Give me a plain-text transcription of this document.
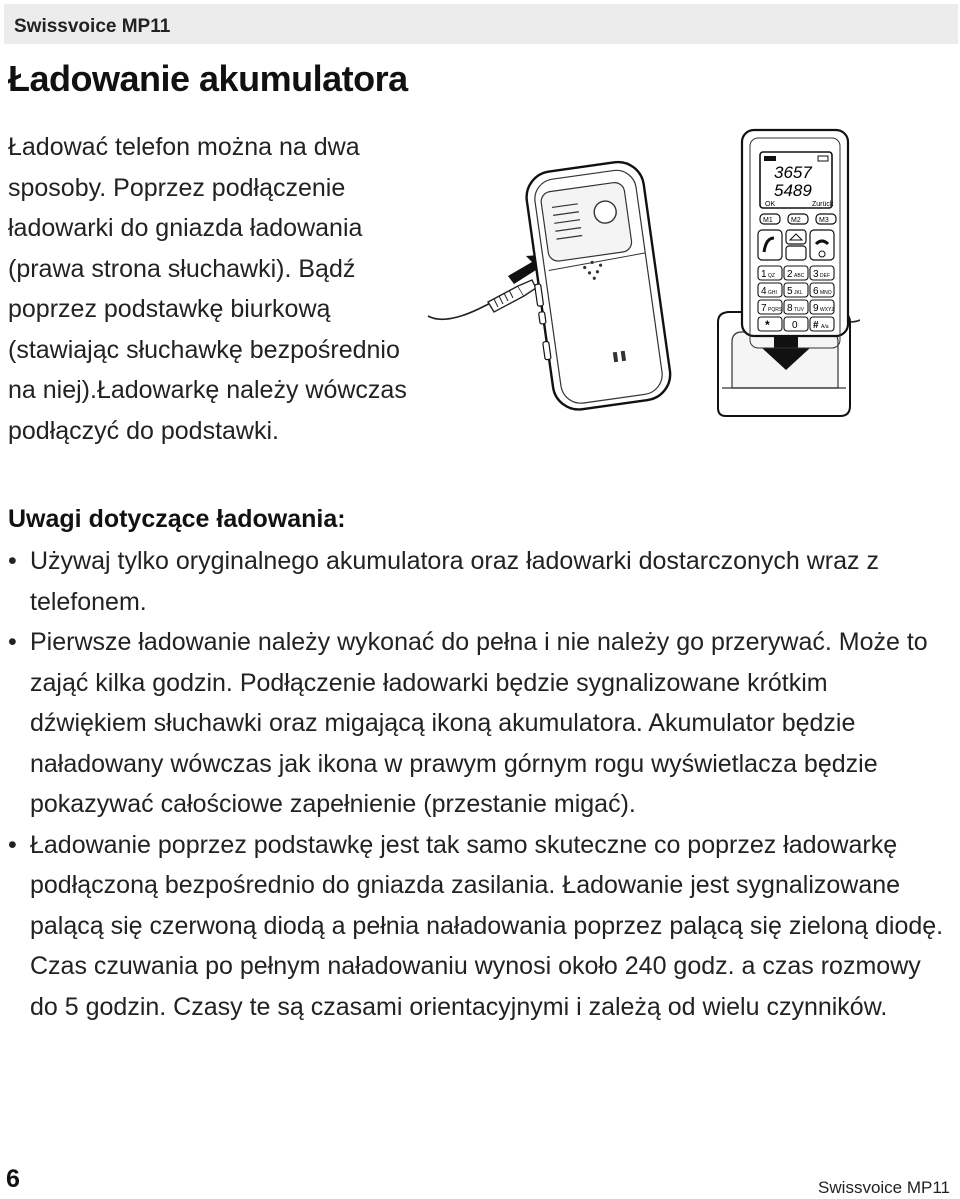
Swissvoice MP11
Ładowanie akumulatora
Ładować telefon można na dwa sposoby. Poprzez podłączenie ładowarki do gniazda ładowania (prawa strona słuchawki). Bądź poprzez podstawkę biurkową (stawiając słuchawkę bezpośrednio na niej).Ładowarkę należy wówczas podłączyć do podstawki.
3657
5489
OK	Zurück
M1	M2	M3
1 QZ 2 ABC 3 DEF
4 GHI 5 JKL 6 MNO
7 PQRS 8 TUV 9 WXYZ
* 0 # A/a
Uwagi dotyczące ładowania:
• Używaj tylko oryginalnego akumulatora oraz ładowarki dostarczonych wraz z telefonem.
• Pierwsze ładowanie należy wykonać do pełna i nie należy go przerywać. Może to zająć kilka godzin. Podłączenie ładowarki będzie sygnalizowane krótkim dźwiękiem słuchawki oraz migającą ikoną akumulatora. Akumulator będzie naładowany wówczas jak ikona w prawym górnym rogu wyświetlacza będzie pokazywać całościowe zapełnienie (przestanie migać).
• Ładowanie poprzez podstawkę jest tak samo skuteczne co poprzez ładowarkę podłączoną bezpośrednio do gniazda zasilania. Ładowanie jest sygnalizowane palącą się czerwoną diodą a pełnia naładowania poprzez palącą się zieloną diodę. Czas czuwania po pełnym naładowaniu wynosi około 240 godz. a czas rozmowy do 5 godzin. Czasy te są czasami orientacyjnymi i zależą od wielu czynników.
6	Swissvoice MP11
